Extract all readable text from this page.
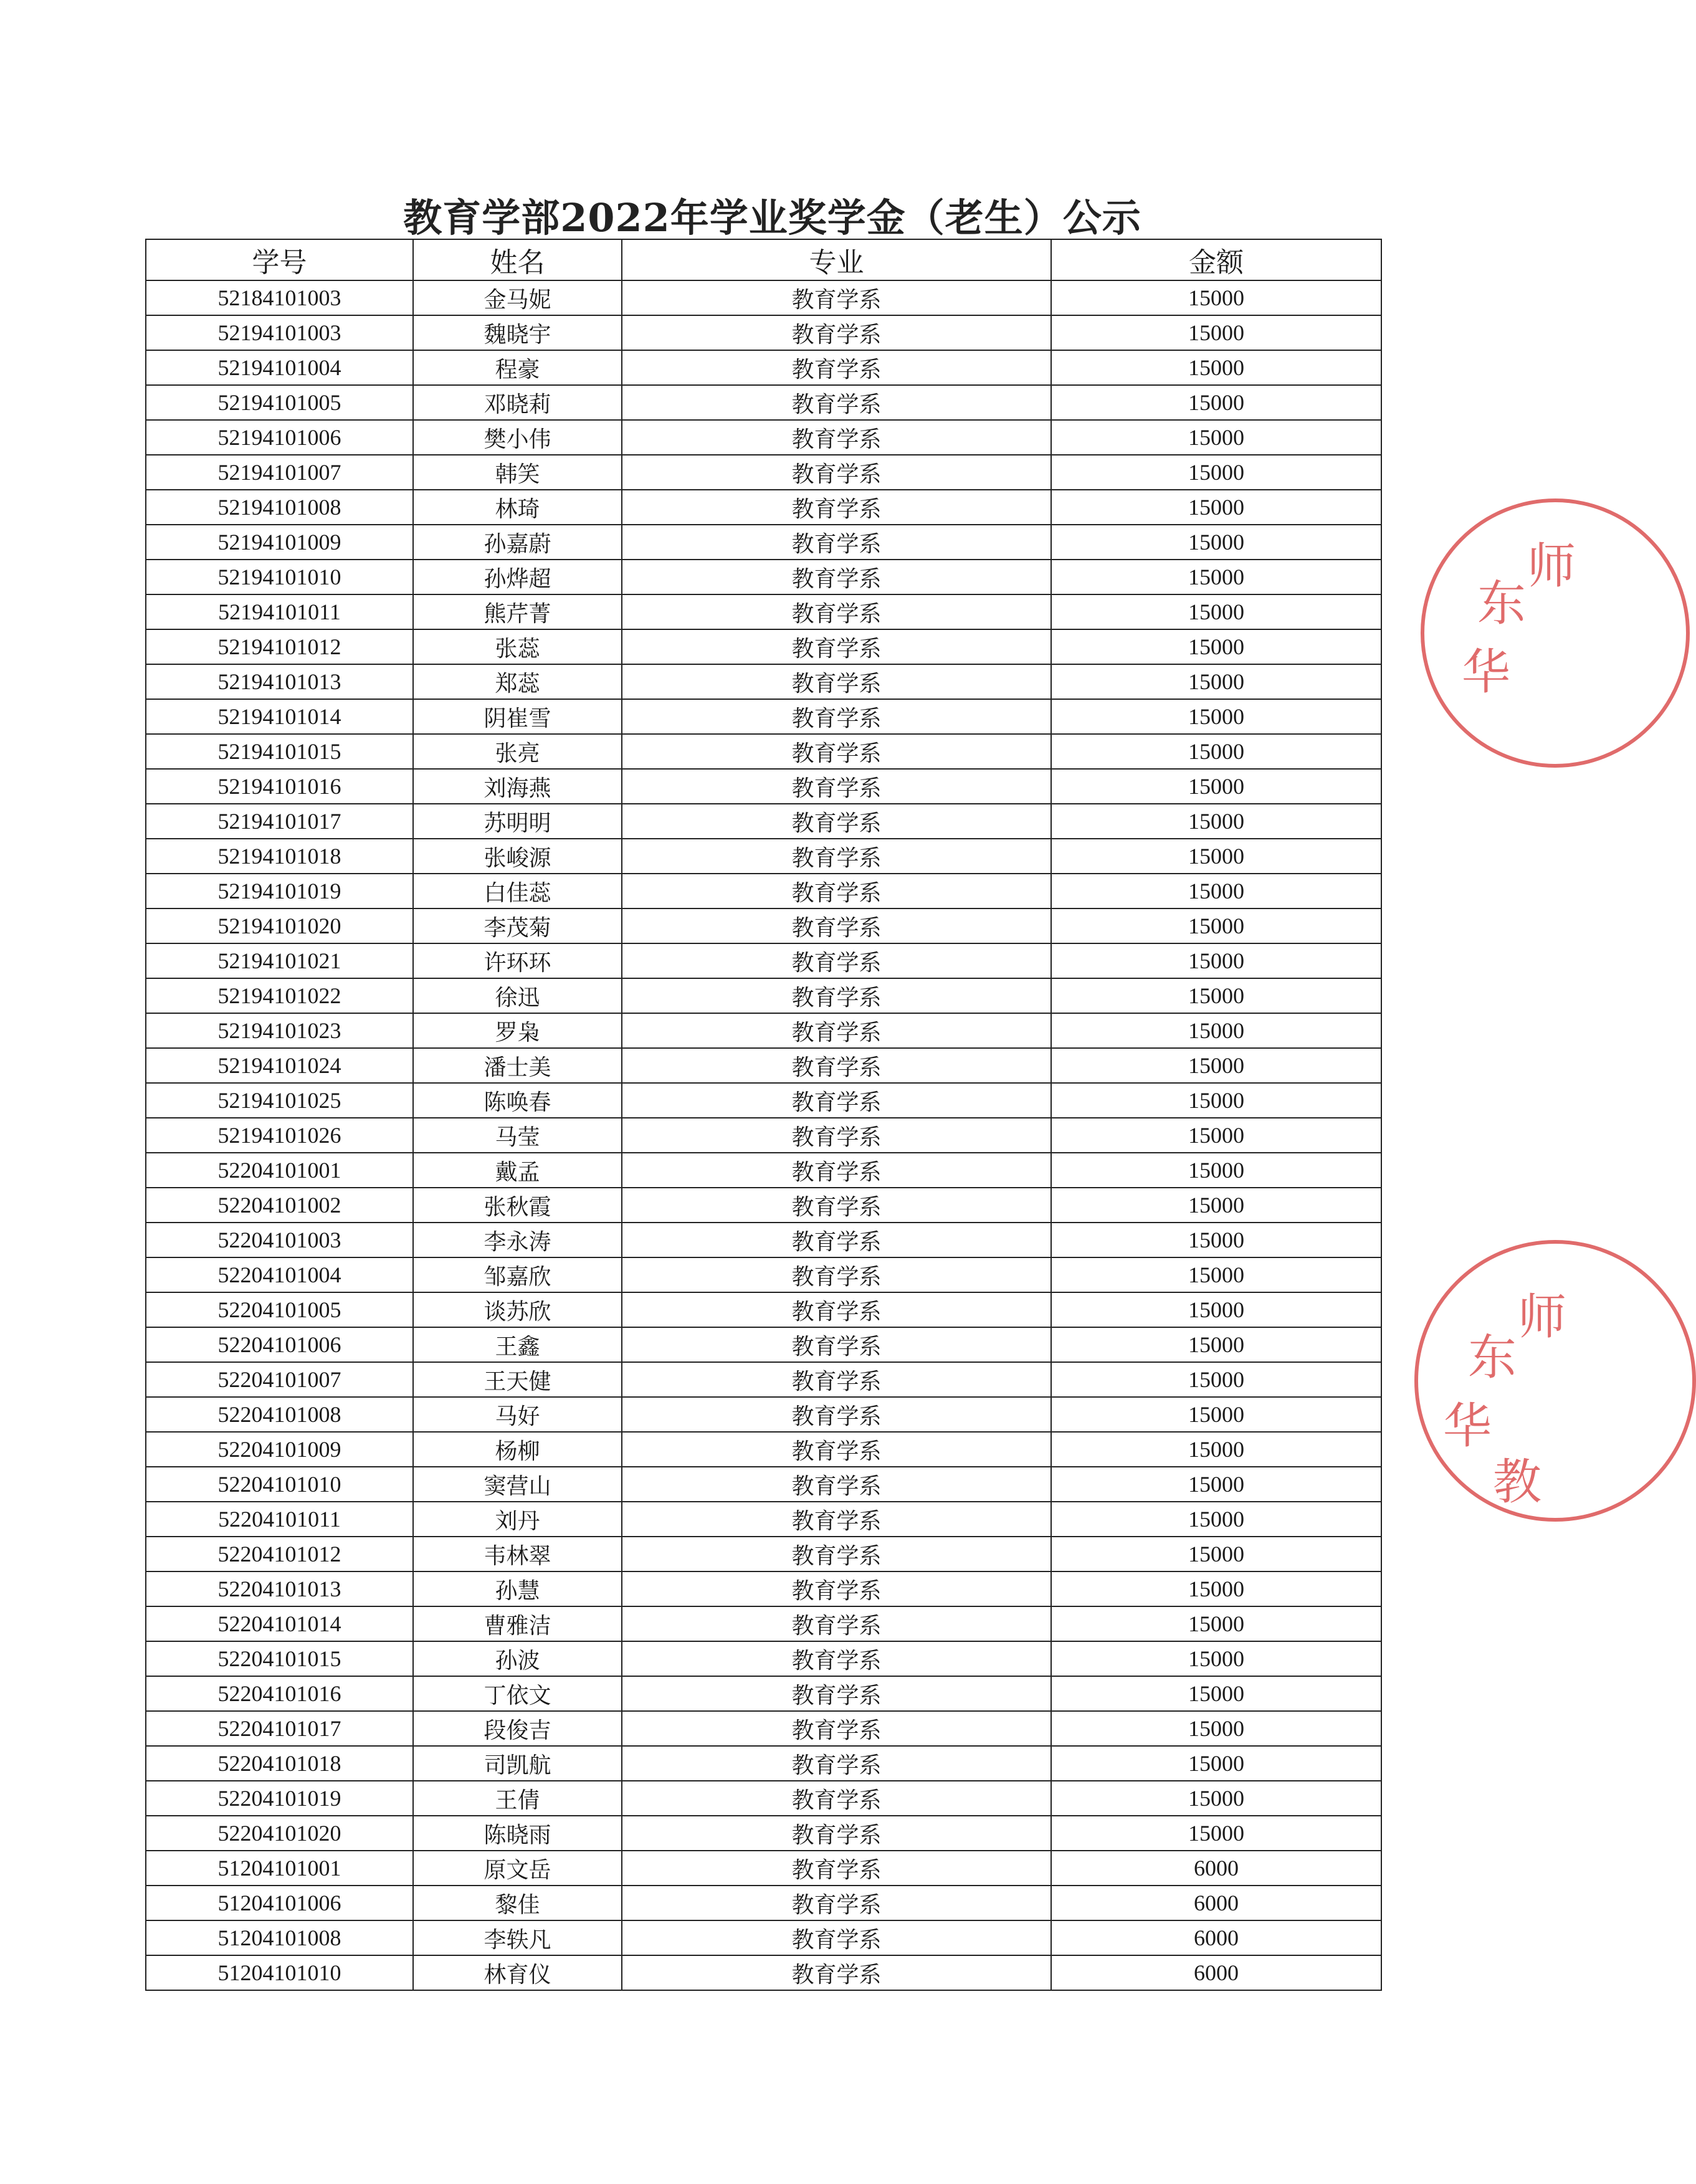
教育学部2022年学业奖学金（老生）公示
学号	姓名	专业	金额
52184101003	金马妮	教育学系	15000
52194101003	魏晓宇	教育学系	15000
52194101004	程豪	教育学系	15000
52194101005	邓晓莉	教育学系	15000
52194101006	樊小伟	教育学系	15000
52194101007	韩笑	教育学系	15000
52194101008	林琦	教育学系	15000
52194101009	孙嘉蔚	教育学系	15000
52194101010	孙烨超	教育学系	15000
52194101011	熊芹菁	教育学系	15000
52194101012	张蕊	教育学系	15000
52194101013	郑蕊	教育学系	15000
52194101014	阴崔雪	教育学系	15000
52194101015	张亮	教育学系	15000
52194101016	刘海燕	教育学系	15000
52194101017	苏明明	教育学系	15000
52194101018	张峻源	教育学系	15000
52194101019	白佳蕊	教育学系	15000
52194101020	李茂菊	教育学系	15000
52194101021	许环环	教育学系	15000
52194101022	徐迅	教育学系	15000
52194101023	罗枭	教育学系	15000
52194101024	潘士美	教育学系	15000
52194101025	陈唤春	教育学系	15000
52194101026	马莹	教育学系	15000
52204101001	戴孟	教育学系	15000
52204101002	张秋霞	教育学系	15000
52204101003	李永涛	教育学系	15000
52204101004	邹嘉欣	教育学系	15000
52204101005	谈苏欣	教育学系	15000
52204101006	王鑫	教育学系	15000
52204101007	王天健	教育学系	15000
52204101008	马好	教育学系	15000
52204101009	杨柳	教育学系	15000
52204101010	窦营山	教育学系	15000
52204101011	刘丹	教育学系	15000
52204101012	韦林翠	教育学系	15000
52204101013	孙慧	教育学系	15000
52204101014	曹雅洁	教育学系	15000
52204101015	孙波	教育学系	15000
52204101016	丁依文	教育学系	15000
52204101017	段俊吉	教育学系	15000
52204101018	司凯航	教育学系	15000
52204101019	王倩	教育学系	15000
52204101020	陈晓雨	教育学系	15000
51204101001	原文岳	教育学系	6000
51204101006	黎佳	教育学系	6000
51204101008	李轶凡	教育学系	6000
51204101010	林育仪	教育学系	6000
华
东
师
华
东
师
教
